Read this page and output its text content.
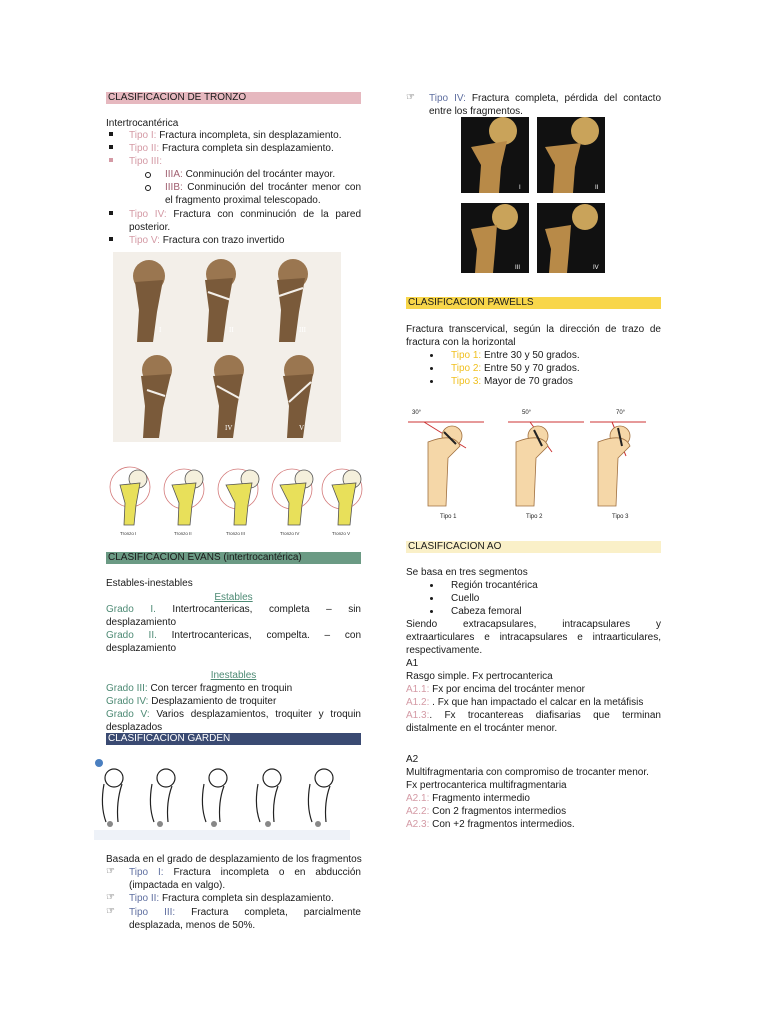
CLASIFICACION DE TRONZO
Intertrocantérica
Tipo I: Fractura incompleta, sin desplazamiento.
Tipo II: Fractura completa sin desplazamiento.
Tipo III:
IIIA: Conminución del trocánter mayor.
IIIB: Conminución del trocánter menor con el fragmento proximal telescopado.
Tipo IV: Fractura con conminución de la pared posterior.
Tipo V: Fractura con trazo invertido
I	II	III
IV	V
Tronzo I	Tronzo II	Tronzo III	Tronzo IV	Tronzo V
CLASIFICACION EVANS (intertrocantérica)
Estables-inestables
Estables
Grado I. Intertrocantericas, completa – sin desplazamiento
Grado II. Intertrocantericas, compelta. – con desplazamiento
Inestables
Grado III: Con tercer fragmento en troquin
Grado IV: Desplazamiento de troquiter
Grado V: Varios desplazamientos, troquiter y troquin desplazados
CLASIFICACION GARDEN
Basada en el grado de desplazamiento de los fragmentos
☞ Tipo I: Fractura incompleta o en abducción (impactada en valgo).
☞ Tipo II: Fractura completa sin desplazamiento.
☞ Tipo III: Fractura completa, parcialmente desplazada, menos de 50%.
☞ Tipo IV: Fractura completa, pérdida del contacto entre los fragmentos.
I	II
III	IV
CLASIFICACION PAWELLS
Fractura transcervical, según la dirección de trazo de fractura con la horizontal
Tipo 1: Entre 30 y 50 grados.
Tipo 2: Entre 50 y 70 grados.
Tipo 3: Mayor de 70 grados
30°	50°	70°
Tipo 1	Tipo 2	Tipo 3
CLASIFICACION AO
Se basa en tres segmentos
Región trocantérica
Cuello
Cabeza femoral
Siendo extracapsulares, intracapsulares y extraarticulares e intracapsulares e intraarticulares, respectivamente.
A1
Rasgo simple. Fx pertrocanterica
A1.1: Fx por encima del trocánter menor
A1.2: . Fx que han impactado el calcar en la metáfisis
A1.3:. Fx trocantereas diafisarias que terminan distalmente en el trocánter menor.
A2
Multifragmentaria con compromiso de trocanter menor.
Fx pertrocanterica multifragmentaria
A2.1: Fragmento intermedio
A2.2: Con 2 fragmentos intermedios
A2.3: Con +2 fragmentos intermedios.
